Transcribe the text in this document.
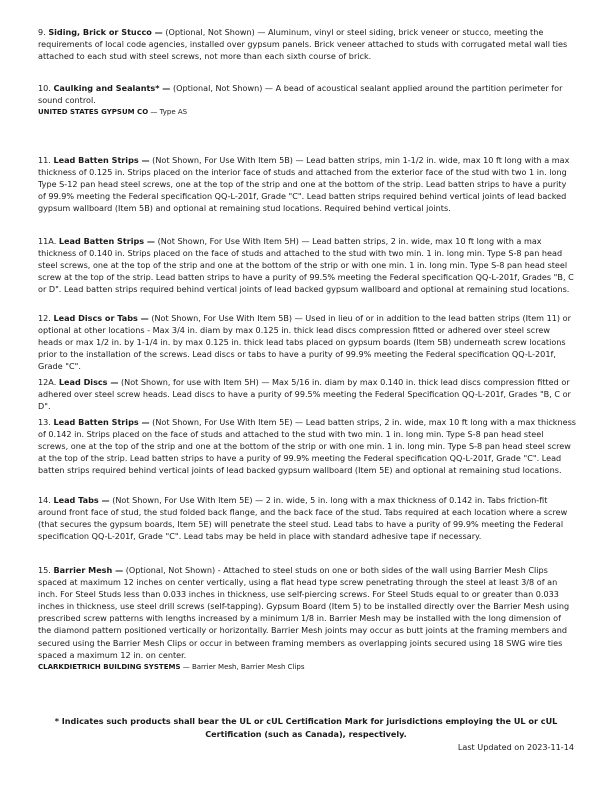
9. Siding, Brick or Stucco — (Optional, Not Shown) — Aluminum, vinyl or steel siding, brick veneer or stucco, meeting the requirements of local code agencies, installed over gypsum panels. Brick veneer attached to studs with corrugated metal wall ties attached to each stud with steel screws, not more than each sixth course of brick.

10. Caulking and Sealants* — (Optional, Not Shown) — A bead of acoustical sealant applied around the partition perimeter for sound control.

UNITED STATES GYPSUM CO — Type AS

11. Lead Batten Strips — (Not Shown, For Use With Item 5B) — Lead batten strips, min 1-1/2 in. wide, max 10 ft long with a max thickness of 0.125 in. Strips placed on the interior face of studs and attached from the exterior face of the stud with two 1 in. long Type S-12 pan head steel screws, one at the top of the strip and one at the bottom of the strip. Lead batten strips to have a purity of 99.9% meeting the Federal specification QQ-L-201f, Grade "C". Lead batten strips required behind vertical joints of lead backed gypsum wallboard (Item 5B) and optional at remaining stud locations. Required behind vertical joints.

11A. Lead Batten Strips — (Not Shown, For Use With Item 5H) — Lead batten strips, 2 in. wide, max 10 ft long with a max thickness of 0.140 in. Strips placed on the face of studs and attached to the stud with two min. 1 in. long min. Type S-8 pan head steel screws, one at the top of the strip and one at the bottom of the strip or with one min. 1 in. long min. Type S-8 pan head steel screw at the top of the strip. Lead batten strips to have a purity of 99.5% meeting the Federal specification QQ-L-201f, Grades "B, C or D". Lead batten strips required behind vertical joints of lead backed gypsum wallboard and optional at remaining stud locations.

12. Lead Discs or Tabs — (Not Shown, For Use With Item 5B) — Used in lieu of or in addition to the lead batten strips (Item 11) or optional at other locations - Max 3/4 in. diam by max 0.125 in. thick lead discs compression fitted or adhered over steel screw heads or max 1/2 in. by 1-1/4 in. by max 0.125 in. thick lead tabs placed on gypsum boards (Item 5B) underneath screw locations prior to the installation of the screws. Lead discs or tabs to have a purity of 99.9% meeting the Federal specification QQ-L-201f, Grade "C".

12A. Lead Discs — (Not Shown, for use with Item 5H) — Max 5/16 in. diam by max 0.140 in. thick lead discs compression fitted or adhered over steel screw heads. Lead discs to have a purity of 99.5% meeting the Federal Specification QQ-L-201f, Grades "B, C or D".

13. Lead Batten Strips — (Not Shown, For Use With Item 5E) — Lead batten strips, 2 in. wide, max 10 ft long with a max thickness of 0.142 in. Strips placed on the face of studs and attached to the stud with two min. 1 in. long min. Type S-8 pan head steel screws, one at the top of the strip and one at the bottom of the strip or with one min. 1 in. long min. Type S-8 pan head steel screw at the top of the strip. Lead batten strips to have a purity of 99.9% meeting the Federal specification QQ-L-201f, Grade "C". Lead batten strips required behind vertical joints of lead backed gypsum wallboard (Item 5E) and optional at remaining stud locations.

14. Lead Tabs — (Not Shown, For Use With Item 5E) — 2 in. wide, 5 in. long with a max thickness of 0.142 in. Tabs friction-fit around front face of stud, the stud folded back flange, and the back face of the stud. Tabs required at each location where a screw (that secures the gypsum boards, Item 5E) will penetrate the steel stud. Lead tabs to have a purity of 99.9% meeting the Federal specification QQ-L-201f, Grade "C". Lead tabs may be held in place with standard adhesive tape if necessary.

15. Barrier Mesh — (Optional, Not Shown) - Attached to steel studs on one or both sides of the wall using Barrier Mesh Clips spaced at maximum 12 inches on center vertically, using a flat head type screw penetrating through the steel at least 3/8 of an inch. For Steel Studs less than 0.033 inches in thickness, use self-piercing screws. For Steel Studs equal to or greater than 0.033 inches in thickness, use steel drill screws (self-tapping). Gypsum Board (Item 5) to be installed directly over the Barrier Mesh using prescribed screw patterns with lengths increased by a minimum 1/8 in. Barrier Mesh may be installed with the long dimension of the diamond pattern positioned vertically or horizontally. Barrier Mesh joints may occur as butt joints at the framing members and secured using the Barrier Mesh Clips or occur in between framing members as overlapping joints secured using 18 SWG wire ties spaced a maximum 12 in. on center.

CLARKDIETRICH BUILDING SYSTEMS — Barrier Mesh, Barrier Mesh Clips

* Indicates such products shall bear the UL or cUL Certification Mark for jurisdictions employing the UL or cUL Certification (such as Canada), respectively.
Last Updated on 2023-11-14
